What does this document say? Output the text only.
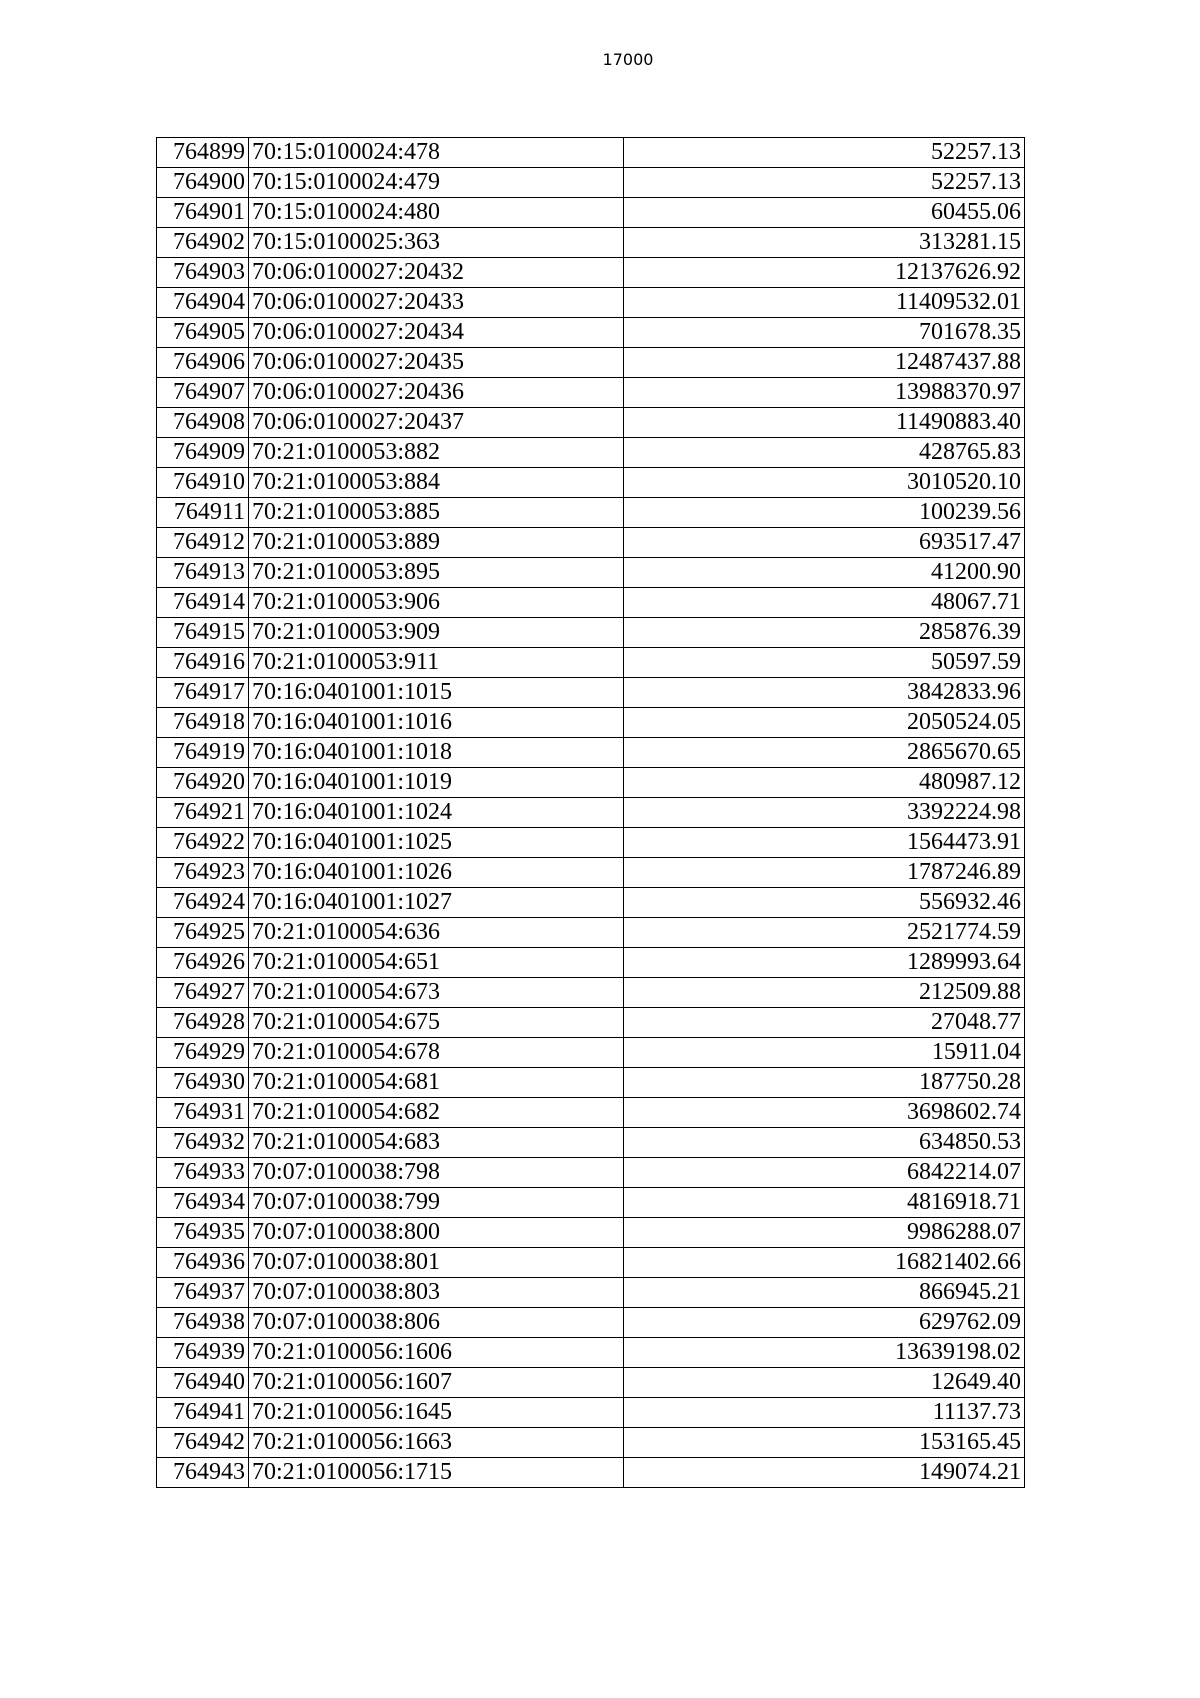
17000
764899	70:15:0100024:478	52257.13
764900	70:15:0100024:479	52257.13
764901	70:15:0100024:480	60455.06
764902	70:15:0100025:363	313281.15
764903	70:06:0100027:20432	12137626.92
764904	70:06:0100027:20433	11409532.01
764905	70:06:0100027:20434	701678.35
764906	70:06:0100027:20435	12487437.88
764907	70:06:0100027:20436	13988370.97
764908	70:06:0100027:20437	11490883.40
764909	70:21:0100053:882	428765.83
764910	70:21:0100053:884	3010520.10
764911	70:21:0100053:885	100239.56
764912	70:21:0100053:889	693517.47
764913	70:21:0100053:895	41200.90
764914	70:21:0100053:906	48067.71
764915	70:21:0100053:909	285876.39
764916	70:21:0100053:911	50597.59
764917	70:16:0401001:1015	3842833.96
764918	70:16:0401001:1016	2050524.05
764919	70:16:0401001:1018	2865670.65
764920	70:16:0401001:1019	480987.12
764921	70:16:0401001:1024	3392224.98
764922	70:16:0401001:1025	1564473.91
764923	70:16:0401001:1026	1787246.89
764924	70:16:0401001:1027	556932.46
764925	70:21:0100054:636	2521774.59
764926	70:21:0100054:651	1289993.64
764927	70:21:0100054:673	212509.88
764928	70:21:0100054:675	27048.77
764929	70:21:0100054:678	15911.04
764930	70:21:0100054:681	187750.28
764931	70:21:0100054:682	3698602.74
764932	70:21:0100054:683	634850.53
764933	70:07:0100038:798	6842214.07
764934	70:07:0100038:799	4816918.71
764935	70:07:0100038:800	9986288.07
764936	70:07:0100038:801	16821402.66
764937	70:07:0100038:803	866945.21
764938	70:07:0100038:806	629762.09
764939	70:21:0100056:1606	13639198.02
764940	70:21:0100056:1607	12649.40
764941	70:21:0100056:1645	11137.73
764942	70:21:0100056:1663	153165.45
764943	70:21:0100056:1715	149074.21
